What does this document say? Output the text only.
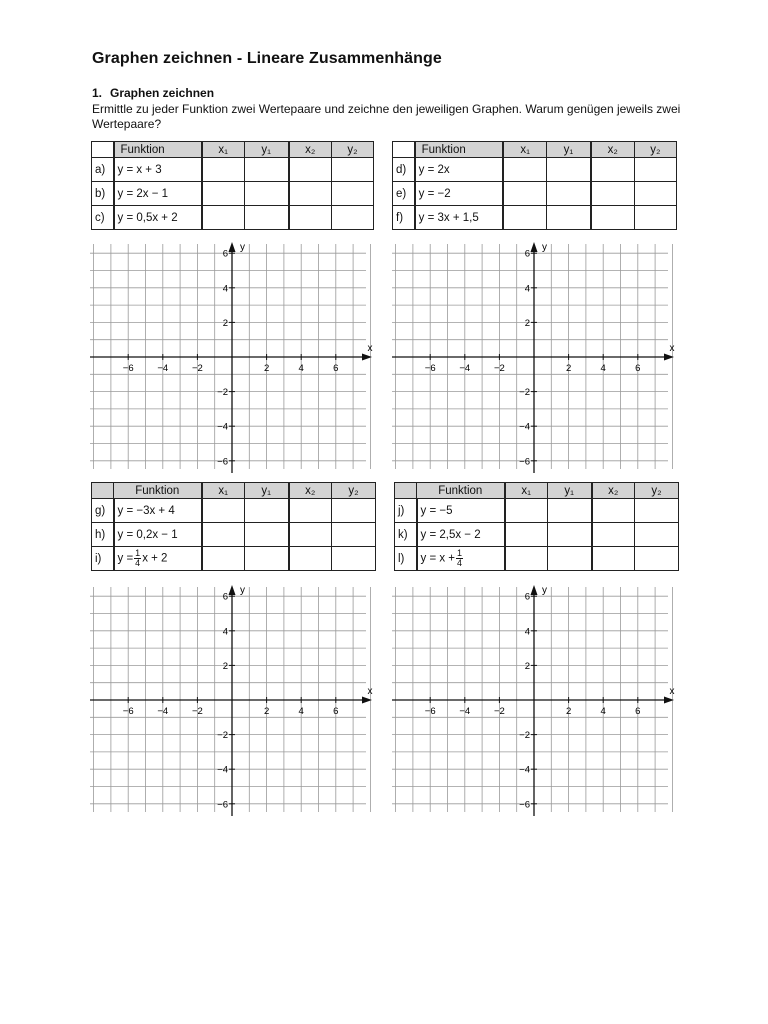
Graphen zeichnen - Lineare Zusammenhänge
1. Graphen zeichnen
Ermittle zu jeder Funktion zwei Wertepaare und zeichne den jeweiligen Graphen. Warum genügen jeweils zwei Wertepaare?
	Funktion	x₁	y₁	x₂	y₂
a)	y = x + 3				
b)	y = 2x − 1				
c)	y = 0,5x + 2				
	Funktion	x₁	y₁	x₂	y₂
d)	y = 2x				
e)	y = −2				
f)	y = 3x + 1,5				
	Funktion	x₁	y₁	x₂	y₂
g)	y = −3x + 4				
h)	y = 0,2x − 1				
i)	$y = \frac{1}{4}$ x + 2				
	Funktion	x₁	y₁	x₂	y₂
j)	y = −5				
k)	y = 2,5x − 2				
l)	$y = x + \frac{1}{4}$

x
y
−6	−4	−2	2	4	6
6
4
2
−2
−4
−6
x
y
−6	−4	−2	2	4	6
6
4
2
−2
−4
−6
x
y
−6	−4	−2	2	4	6
6
4
2
−2
−4
−6
x
y
−6	−4	−2	2	4	6
6
4
2
−2
−4
−6
